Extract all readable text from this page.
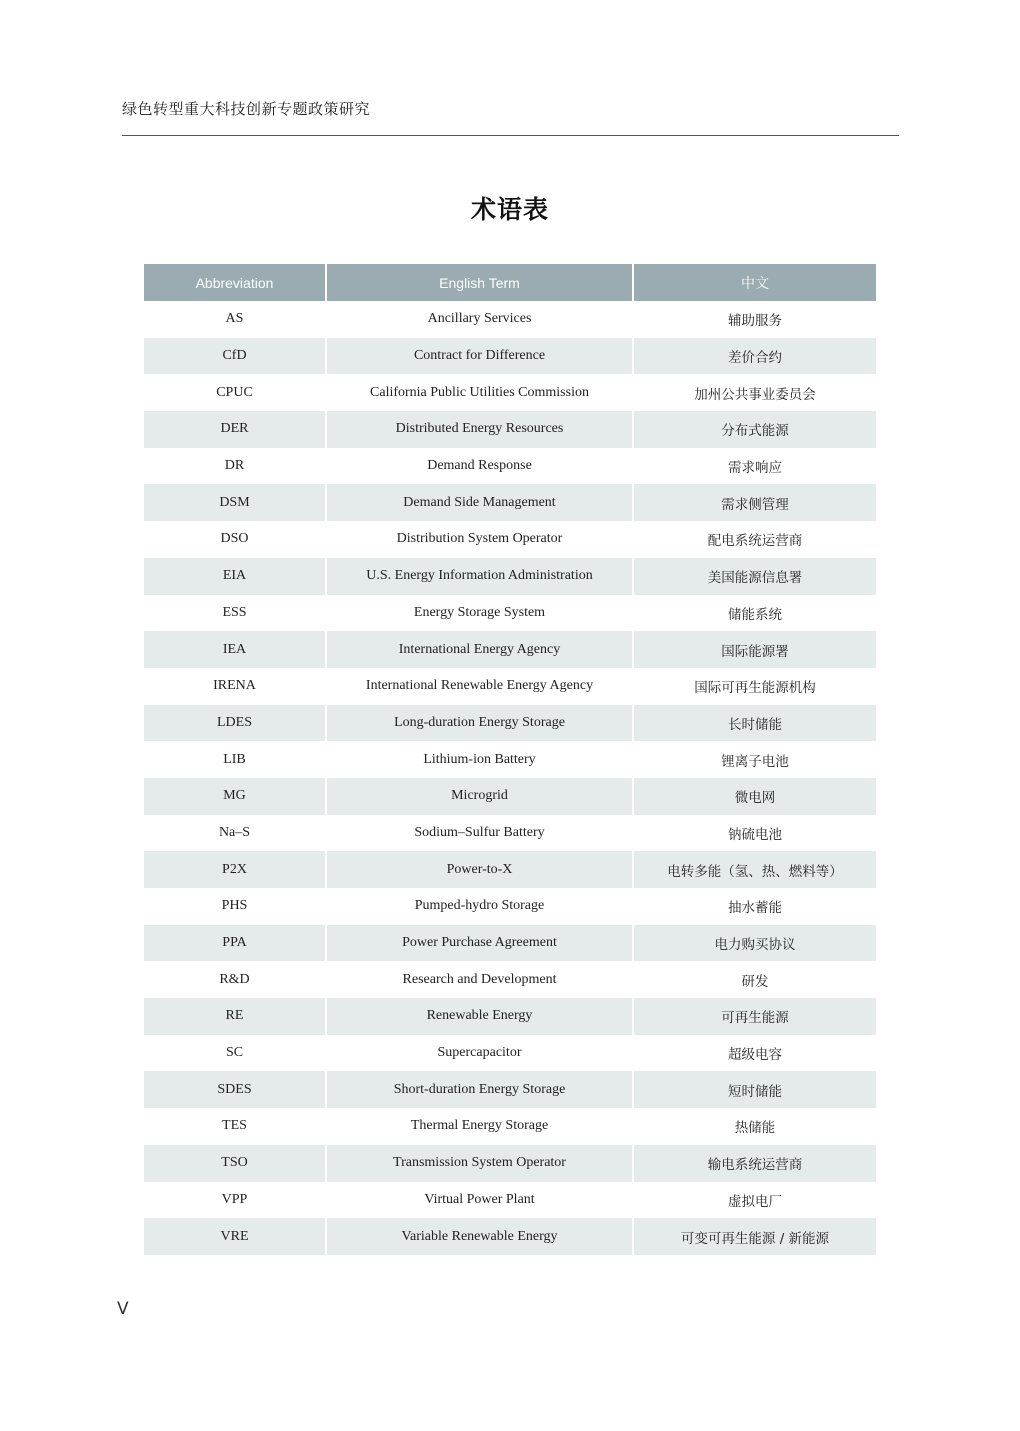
绿色转型重大科技创新专题政策研究
术语表
Abbreviation	English Term	中文
AS	Ancillary Services	辅助服务
CfD	Contract for Difference	差价合约
CPUC	California Public Utilities Commission	加州公共事业委员会
DER	Distributed Energy Resources	分布式能源
DR	Demand Response	需求响应
DSM	Demand Side Management	需求侧管理
DSO	Distribution System Operator	配电系统运营商
EIA	U.S. Energy Information Administration	美国能源信息署
ESS	Energy Storage System	储能系统
IEA	International Energy Agency	国际能源署
IRENA	International Renewable Energy Agency	国际可再生能源机构
LDES	Long-duration Energy Storage	长时储能
LIB	Lithium-ion Battery	锂离子电池
MG	Microgrid	微电网
Na–S	Sodium–Sulfur Battery	钠硫电池
P2X	Power-to-X	电转多能（氢、热、燃料等）
PHS	Pumped-hydro Storage	抽水蓄能
PPA	Power Purchase Agreement	电力购买协议
R&D	Research and Development	研发
RE	Renewable Energy	可再生能源
SC	Supercapacitor	超级电容
SDES	Short-duration Energy Storage	短时储能
TES	Thermal Energy Storage	热储能
TSO	Transmission System Operator	输电系统运营商
VPP	Virtual Power Plant	虚拟电厂
VRE	Variable Renewable Energy	可变可再生能源 / 新能源
V
